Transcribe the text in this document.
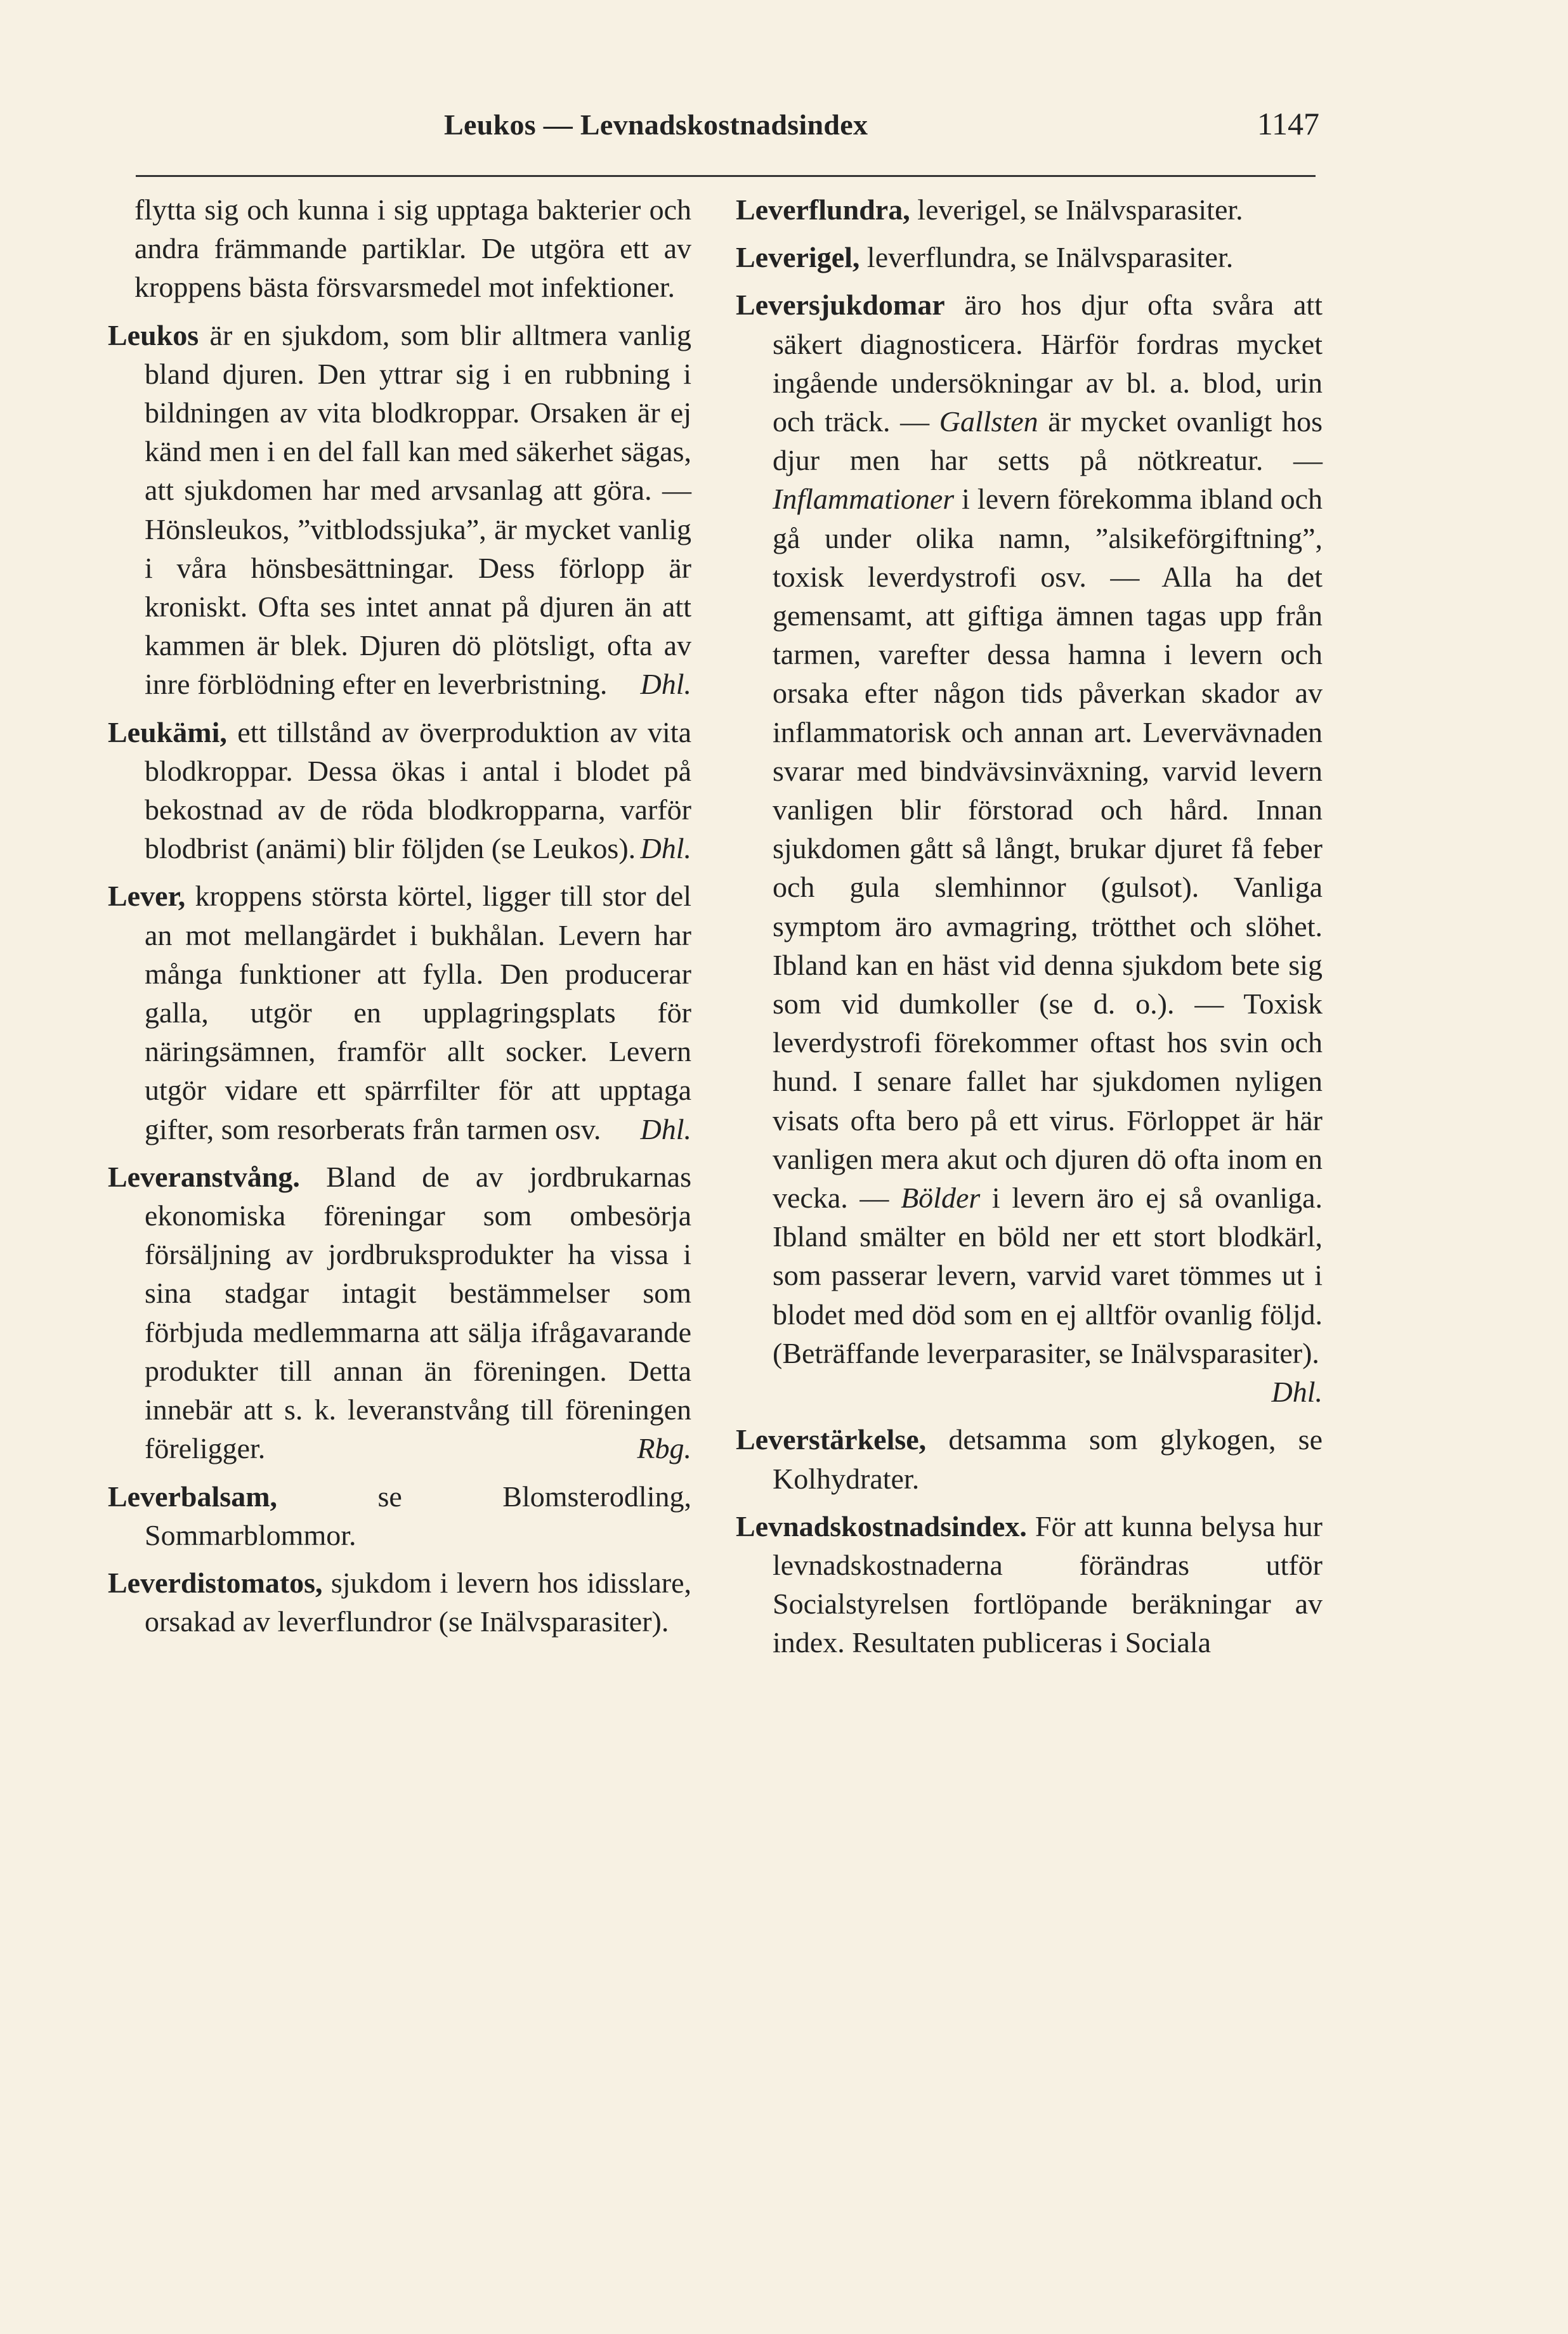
Leukos — Levnadskostnadsindex	1147

flytta sig och kunna i sig upptaga bakterier och andra främmande partiklar. De utgöra ett av kroppens bästa försvarsmedel mot infektioner.

Leukos är en sjukdom, som blir alltmera vanlig bland djuren. Den yttrar sig i en rubbning i bildningen av vita blodkroppar. Orsaken är ej känd men i en del fall kan med säkerhet sägas, att sjukdomen har med arvsanlag att göra. — Hönsleukos, ”vitblodssjuka”, är mycket vanlig i våra hönsbesättningar. Dess förlopp är kroniskt. Ofta ses intet annat på djuren än att kammen är blek. Djuren dö plötsligt, ofta av inre förblödning efter en leverbristning. Dhl.

Leukämi, ett tillstånd av överproduktion av vita blodkroppar. Dessa ökas i antal i blodet på bekostnad av de röda blodkropparna, varför blodbrist (anämi) blir följden (se Leukos). Dhl.

Lever, kroppens största körtel, ligger till stor del an mot mellangärdet i bukhålan. Levern har många funktioner att fylla. Den producerar galla, utgör en upplagringsplats för näringsämnen, framför allt socker. Levern utgör vidare ett spärrfilter för att upptaga gifter, som resorberats från tarmen osv. Dhl.

Leveranstvång. Bland de av jordbrukarnas ekonomiska föreningar som ombesörja försäljning av jordbruksprodukter ha vissa i sina stadgar intagit bestämmelser som förbjuda medlemmarna att sälja ifrågavarande produkter till annan än föreningen. Detta innebär att s. k. leveranstvång till föreningen föreligger.	Rbg.

Leverbalsam,	se Blomsterodling, Sommarblommor.

Leverdistomatos, sjukdom i levern hos idisslare, orsakad av leverflundror (se Inälvsparasiter).

Leverflundra, leverigel, se Inälvsparasiter.

Leverigel, leverflundra, se Inälvsparasiter.

Leversjukdomar äro hos djur ofta svåra att säkert diagnosticera. Härför fordras mycket ingående undersökningar av bl. a. blod, urin och träck. — Gallsten är mycket ovanligt hos djur men har setts på nötkreatur. — Inflammationer i levern förekomma ibland och gå under olika namn, ”alsikeförgiftning”, toxisk leverdystrofi osv. — Alla ha det gemensamt, att giftiga ämnen tagas upp från tarmen, varefter dessa hamna i levern och orsaka efter någon tids påverkan skador av inflammatorisk och annan art. Levervävnaden svarar med bindvävsinväxning, varvid levern vanligen blir förstorad och hård. Innan sjukdomen gått så långt, brukar djuret få feber och gula slemhinnor (gulsot). Vanliga symptom äro avmagring, trötthet och slöhet. Ibland kan en häst vid denna sjukdom bete sig som vid dumkoller (se d. o.). — Toxisk leverdystrofi förekommer oftast hos svin och hund. I senare fallet har sjukdomen nyligen visats ofta bero på ett virus. Förloppet är här vanligen mera akut och djuren dö ofta inom en vecka. — Bölder i levern äro ej så ovanliga. Ibland smälter en böld ner ett stort blodkärl, som passerar levern, varvid varet tömmes ut i blodet med död som en ej alltför ovanlig följd. (Beträffande leverparasiter, se Inälvsparasiter).
Dhl.

Leverstärkelse, detsamma som glykogen, se Kolhydrater.

Levnadskostnadsindex. För att kunna belysa hur levnadskostnaderna förändras utför Socialstyrelsen fortlöpande beräkningar av index. Resultaten publiceras i Sociala
